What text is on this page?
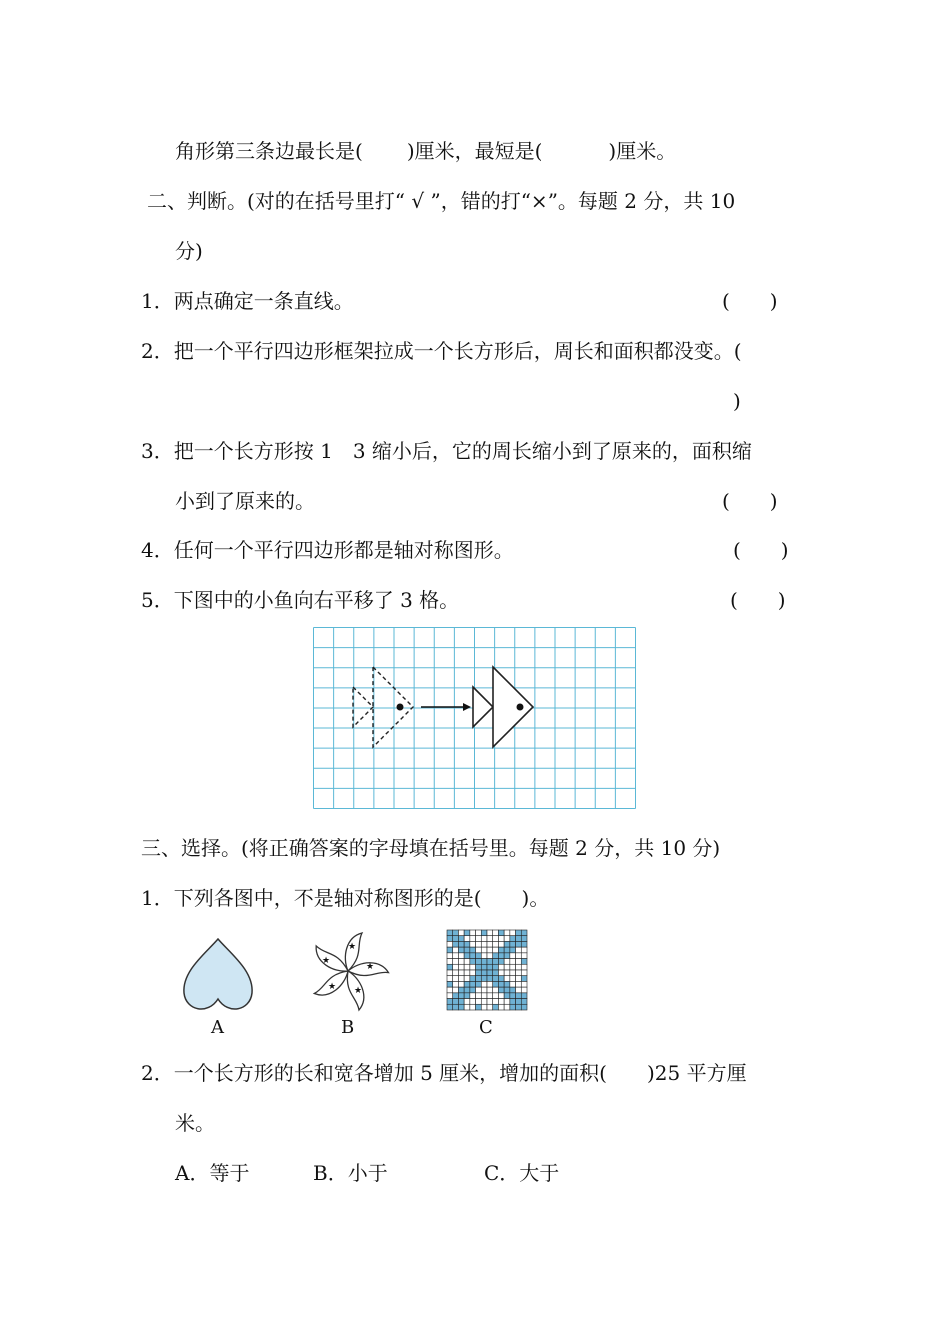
角形第三条边最长是( )厘米，最短是(	)厘米。
二、判断。(对的在括号里打“ √ ”，错的打“×”。每题 2 分，共 10
分)
1．两点确定一条直线。	(　　)
2．把一个平行四边形框架拉成一个长方形后，周长和面积都没变。(
)
3．把一个长方形按 1　3 缩小后，它的周长缩小到了原来的，面积缩
小到了原来的。	(　　)
4．任何一个平行四边形都是轴对称图形。	(　　)
5．下图中的小鱼向右平移了 3 格。	(　　)
三、选择。(将正确答案的字母填在括号里。每题 2 分，共 10 分)
1．下列各图中，不是轴对称图形的是(　　)。
A
★
★
★
★
★
B	C
2．一个长方形的长和宽各增加 5 厘米，增加的面积(　　)25 平方厘
米。
A．等于	B．小于	C．大于
